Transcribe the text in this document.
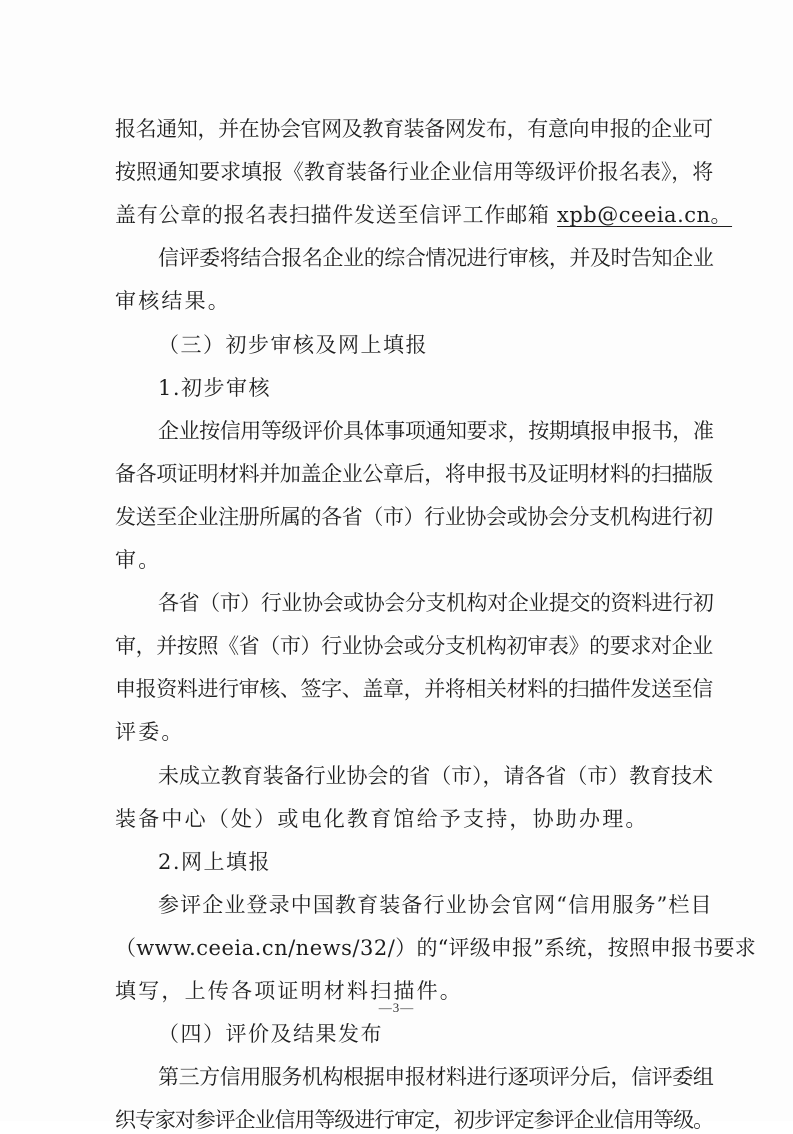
报名通知，并在协会官网及教育装备网发布，有意向申报的企业可
按照通知要求填报《教育装备行业企业信用等级评价报名表》，将
盖有公章的报名表扫描件发送至信评工作邮箱 xpb@ceeia.cn。
信评委将结合报名企业的综合情况进行审核，并及时告知企业
审核结果。
（三）初步审核及网上填报
1.初步审核
企业按信用等级评价具体事项通知要求，按期填报申报书，准
备各项证明材料并加盖企业公章后，将申报书及证明材料的扫描版
发送至企业注册所属的各省（市）行业协会或协会分支机构进行初
审。
各省（市）行业协会或协会分支机构对企业提交的资料进行初
审，并按照《省（市）行业协会或分支机构初审表》的要求对企业
申报资料进行审核、签字、盖章，并将相关材料的扫描件发送至信
评委。
未成立教育装备行业协会的省（市），请各省（市）教育技术
装备中心（处）或电化教育馆给予支持，协助办理。
2.网上填报
参评企业登录中国教育装备行业协会官网“信用服务”栏目
（www.ceeia.cn/news/32/）的“评级申报”系统，按照申报书要求
填写，上传各项证明材料扫描件。
（四）评价及结果发布
第三方信用服务机构根据申报材料进行逐项评分后，信评委组
织专家对参评企业信用等级进行审定，初步评定参评企业信用等级。
—3—
